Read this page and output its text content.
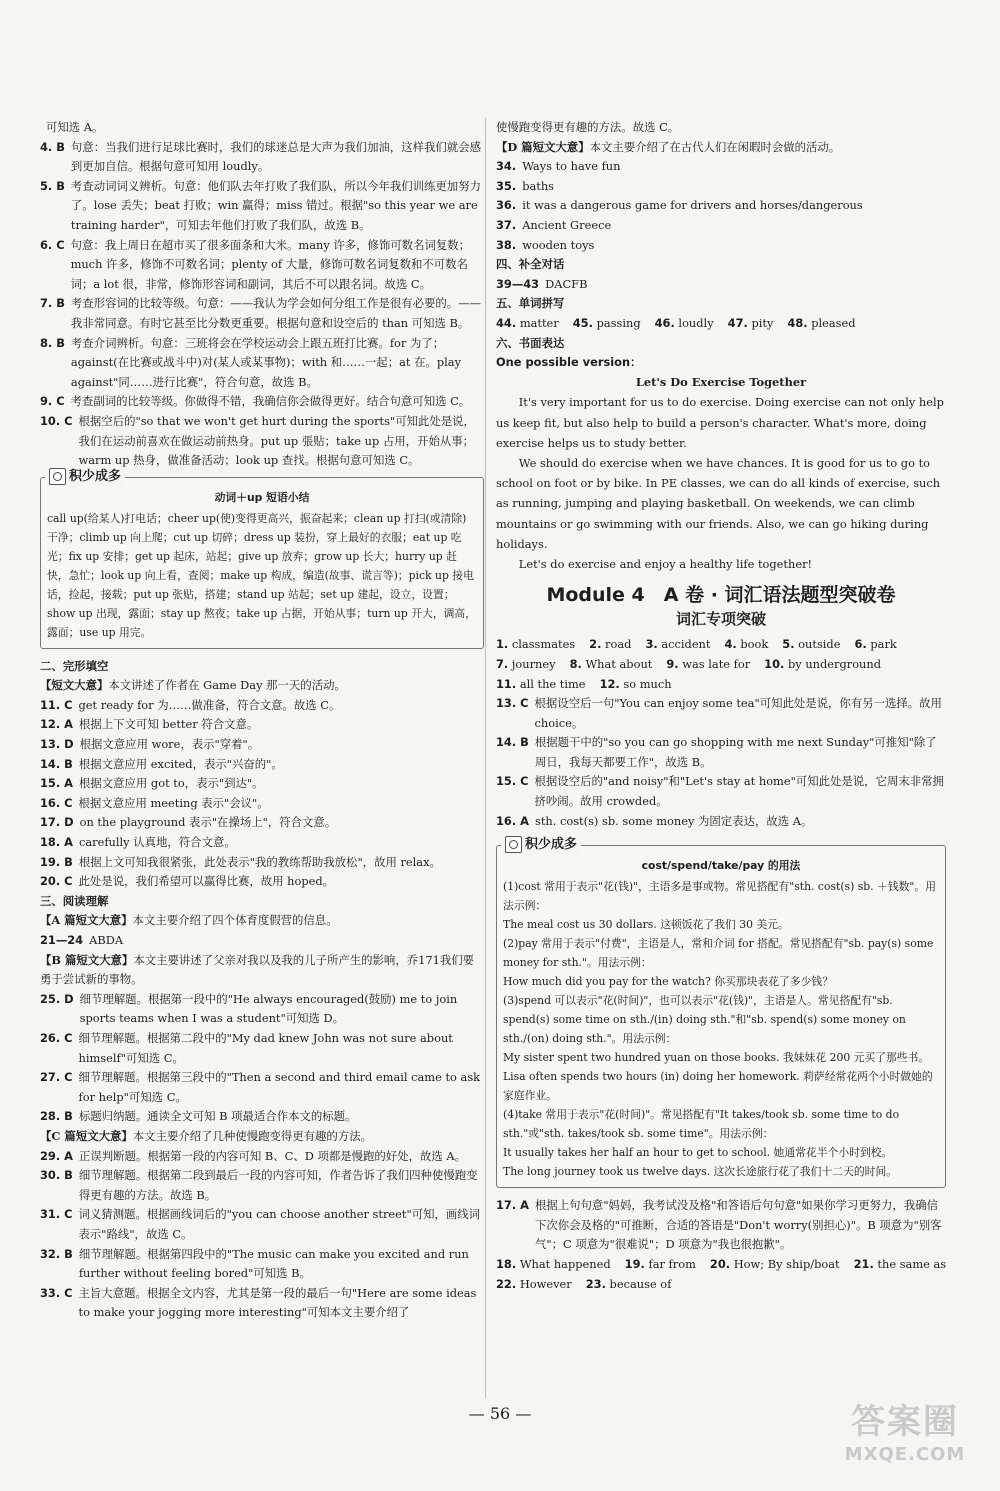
可知选 A。
4. B 句意：当我们进行足球比赛时，我们的球迷总是大声为我们加油，这样我们就会感到更加自信。根据句意可知用 loudly。
5. B 考查动词词义辨析。句意：他们队去年打败了我们队，所以今年我们训练更加努力了。lose 丢失；beat 打败；win 赢得；miss 错过。根据"so this year we are training harder"，可知去年他们打败了我们队，故选 B。
6. C 句意：我上周日在超市买了很多面条和大米。many 许多，修饰可数名词复数；much 许多，修饰不可数名词；plenty of 大量，修饰可数名词复数和不可数名词；a lot 很，非常，修饰形容词和副词，其后不可以跟名词。故选 C。
7. B 考查形容词的比较等级。句意：——我认为学会如何分组工作是很有必要的。——我非常同意。有时它甚至比分数更重要。根据句意和设空后的 than 可知选 B。
8. B 考查介词辨析。句意：三班将会在学校运动会上跟五班打比赛。for 为了；against(在比赛或战斗中)对(某人或某事物)；with 和……一起；at 在。play against"同……进行比赛"，符合句意，故选 B。
9. C 考查副词的比较等级。你做得不错，我确信你会做得更好。结合句意可知选 C。
10. C 根据空后的"so that we won't get hurt during the sports"可知此处是说，我们在运动前喜欢在做运动前热身。put up 張贴；take up 占用，开始从事；warm up 热身，做准备活动；look up 查找。根据句意可知选 C。
积少成多
动词＋up 短语小结
call up(给某人)打电话；cheer up(使)变得更高兴，振奋起来；clean up 打扫(或清除)干净；climb up 向上爬；cut up 切碎；dress up 装扮，穿上最好的衣服；eat up 吃光；fix up 安排；get up 起床，站起；give up 放弃；grow up 长大；hurry up 赶快，急忙；look up 向上看，查阅；make up 构成，编造(故事、谎言等)；pick up 接电话，捡起，接载；put up 张贴，搭建；stand up 站起；set up 建起，设立，设置；show up 出现，露面；stay up 熬夜；take up 占据，开始从事；turn up 开大，调高，露面；use up 用完。

二、完形填空

【短文大意】本文讲述了作者在 Game Day 那一天的活动。

11. C get ready for 为……做准备，符合文意。故选 C。
12. A 根据上下文可知 better 符合文意。
13. D 根据文意应用 wore，表示"穿着"。
14. B 根据文意应用 excited，表示"兴奋的"。
15. A 根据文意应用 got to，表示"到达"。
16. C 根据文意应用 meeting 表示"会议"。
17. D on the playground 表示"在操场上"，符合文意。
18. A carefully 认真地，符合文意。
19. B 根据上文可知我很紧张，此处表示"我的教练帮助我放松"，故用 relax。
20. C 此处是说，我们希望可以赢得比赛，故用 hoped。

三、阅读理解

【A 篇短文大意】本文主要介绍了四个体育度假营的信息。

21—24 ABDA

【B 篇短文大意】本文主要讲述了父亲对我以及我的儿子所产生的影响，乔171我们要勇于尝试新的事物。

25. D 细节理解题。根据第一段中的"He always encouraged(鼓励) me to join sports teams when I was a student"可知选 D。
26. C 细节理解题。根据第二段中的"My dad knew John was not sure about himself"可知选 C。
27. C 细节理解题。根据第三段中的"Then a second and third email came to ask for help"可知选 C。
28. B 标题归纳题。通读全文可知 B 项最适合作本文的标题。

【C 篇短文大意】本文主要介绍了几种使慢跑变得更有趣的方法。

29. A 正误判断题。根据第一段的内容可知 B、C、D 项都是慢跑的好处，故选 A。
30. B 细节理解题。根据第二段到最后一段的内容可知，作者告诉了我们四种使慢跑变得更有趣的方法。故选 B。
31. C 词义猜测题。根据画线词后的"you can choose another street"可知，画线词表示"路线"，故选 C。
32. B 细节理解题。根据第四段中的"The music can make you excited and run further without feeling bored"可知选 B。
33. C 主旨大意题。根据全文内容，尤其是第一段的最后一句"Here are some ideas to make your jogging more interesting"可知本文主要介绍了

使慢跑变得更有趣的方法。故选 C。

【D 篇短文大意】本文主要介绍了在古代人们在闲暇时会做的活动。

34. Ways to have fun
35. baths
36. it was a dangerous game for drivers and horses/dangerous
37. Ancient Greece
38. wooden toys

四、补全对话

39—43 DACFB

五、单词拼写

44. matter 45. passing 46. loudly 47. pity 48. pleased

六、书面表达

One possible version：

Let's Do Exercise Together

It's very important for us to do exercise. Doing exercise can not only help us keep fit, but also help to build a person's character. What's more, doing exercise helps us to study better.

We should do exercise when we have chances. It is good for us to go to school on foot or by bike. In PE classes, we can do all kinds of exercise, such as running, jumping and playing basketball. On weekends, we can climb mountains or go swimming with our friends. Also, we can go hiking during holidays.

Let's do exercise and enjoy a healthy life together!

Module 4　A 卷 · 词汇语法题型突破卷
词汇专项突破

1. classmates 2. road 3. accident 4. book 5. outside 6. park

7. journey 8. What about 9. was late for 10. by underground

11. all the time 12. so much

13. C 根据设空后一句"You can enjoy some tea"可知此处是说，你有另一选择。故用 choice。
14. B 根据题干中的"so you can go shopping with me next Sunday"可推知"除了周日，我每天都要工作"，故选 B。
15. C 根据设空后的"and noisy"和"Let's stay at home"可知此处是说，它周末非常拥挤吵闹。故用 crowded。
16. A sth. cost(s) sb. some money 为固定表达，故选 A。
积少成多
cost/spend/take/pay 的用法
(1)cost 常用于表示"花(钱)"，主语多是事或物。常见搭配有"sth. cost(s) sb. ＋钱数"。用法示例：
The meal cost us 30 dollars. 这顿饭花了我们 30 美元。
(2)pay 常用于表示"付费"，主语是人，常和介词 for 搭配。常见搭配有"sb. pay(s) some money for sth."。用法示例：
How much did you pay for the watch? 你买那块表花了多少钱？
(3)spend 可以表示"花(时间)"，也可以表示"花(钱)"，主语是人。常见搭配有"sb. spend(s) some time on sth./(in) doing sth."和"sb. spend(s) some money on sth./(on) doing sth."。用法示例：
My sister spent two hundred yuan on those books. 我妹妹花 200 元买了那些书。
Lisa often spends two hours (in) doing her homework. 莉萨经常花两个小时做她的家庭作业。
(4)take 常用于表示"花(时间)"。常见搭配有"It takes/took sb. some time to do sth."或"sth. takes/took sb. some time"。用法示例：
It usually takes her half an hour to get to school. 她通常花半个小时到校。
The long journey took us twelve days. 这次长途旅行花了我们十二天的时间。
17. A 根据上句句意"妈妈，我考试没及格"和答语后句句意"如果你学习更努力，我确信下次你会及格的"可推断，合适的答语是"Don't worry(别担心)"。B 项意为"别客气"；C 项意为"很难说"；D 项意为"我也很抱歉"。

18. What happened 19. far from 20. How; By ship/boat 21. the same as

22. However 23. because of

— 56 —	答案圈
MXQE.COM
